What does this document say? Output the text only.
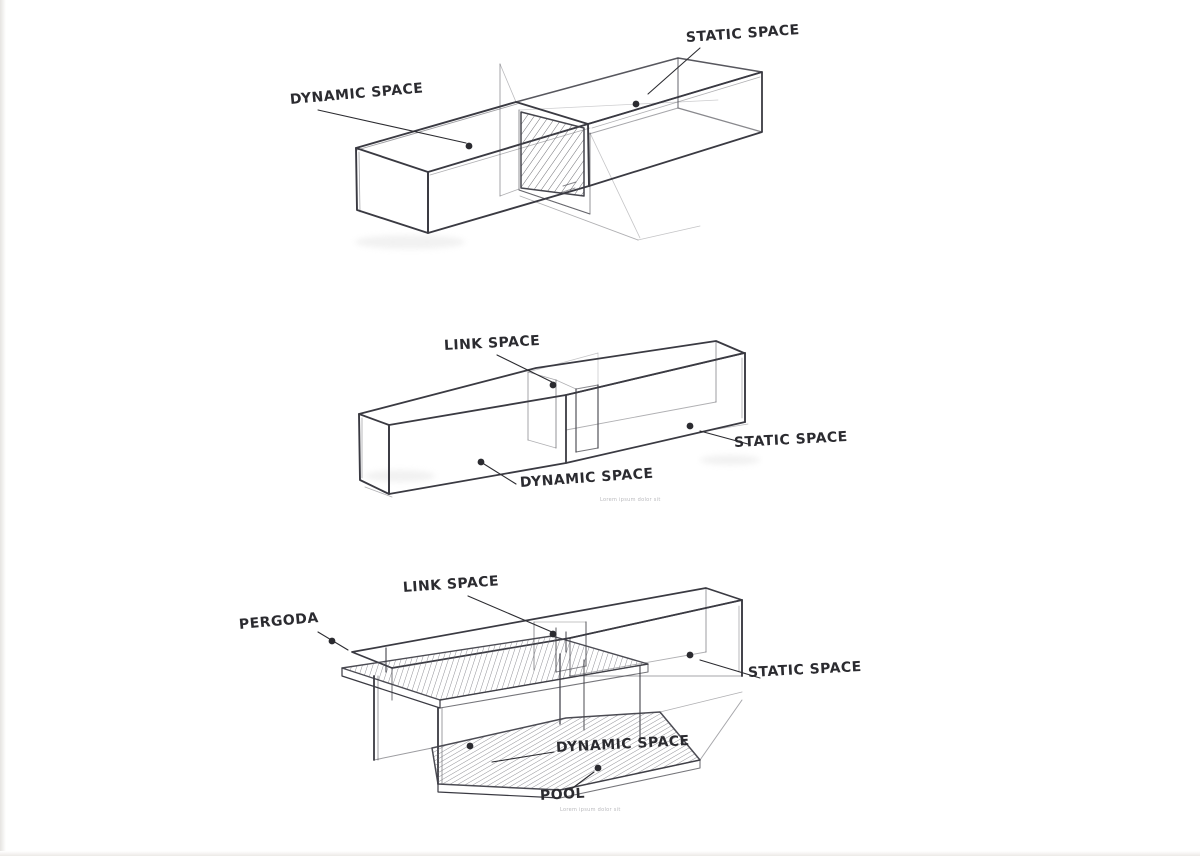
STATIC SPACE
DYNAMIC SPACE
LINK SPACE
STATIC SPACE
DYNAMIC SPACE
LINK SPACE
PERGODA
STATIC SPACE
DYNAMIC SPACE
POOL
Lorem ipsum dolor sit
Lorem ipsum dolor sit
